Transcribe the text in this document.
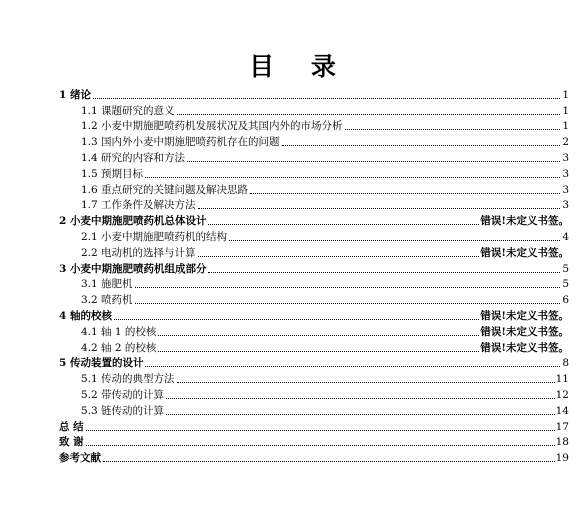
目 录
1 绪论	1
1.1 课题研究的意义	1
1.2 小麦中期施肥喷药机发展状况及其国内外的市场分析	1
1.3 国内外小麦中期施肥喷药机存在的问题	2
1.4 研究的内容和方法	3
1.5 预期目标	3
1.6 重点研究的关键问题及解决思路	3
1.7 工作条件及解决方法	3
2 小麦中期施肥喷药机总体设计	错误!未定义书签。
2.1 小麦中期施肥喷药机的结构	4
2.2 电动机的选择与计算	错误!未定义书签。
3 小麦中期施肥喷药机组成部分	5
3.1 施肥机	5
3.2 喷药机	6
4 轴的校核	错误!未定义书签。
4.1 轴 1 的校核	错误!未定义书签。
4.2 轴 2 的校核	错误!未定义书签。
5 传动装置的设计	8
5.1 传动的典型方法	11
5.2 带传动的计算	12
5.3 链传动的计算	14
总 结	17
致 谢	18
参考文献	19
